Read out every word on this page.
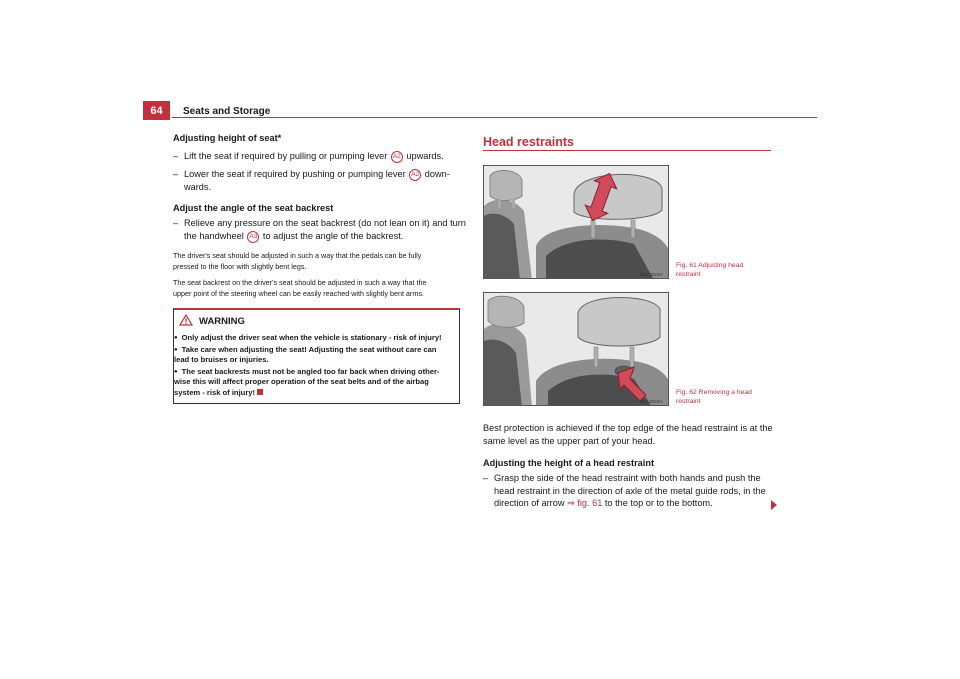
64	Seats and Storage
Adjusting height of seat*
– Lift the seat if required by pulling or pumping lever A2 upwards.
– Lower the seat if required by pushing or pumping lever A2 down-
wards.
Adjust the angle of the seat backrest
– Relieve any pressure on the seat backrest (do not lean on it) and turn
the handwheel A3 to adjust the angle of the backrest.
The driver's seat should be adjusted in such a way that the pedals can be fully
pressed to the floor with slightly bent legs.
The seat backrest on the driver's seat should be adjusted in such a way that the
upper point of the steering wheel can be easily reached with slightly bent arms.
WARNING
● Only adjust the driver seat when the vehicle is stationary - risk of injury!
● Take care when adjusting the seat! Adjusting the seat without care can
lead to bruises or injuries.
● The seat backrests must not be angled too far back when driving other-
wise this will affect proper operation of the seat belts and of the airbag
system - risk of injury!
Head restraints
B5J-2021H
Fig. 61 Adjusting head
restraint
B5J-2022H
Fig. 62 Removing a head
restraint
Best protection is achieved if the top edge of the head restraint is at the
same level as the upper part of your head.
Adjusting the height of a head restraint
– Grasp the side of the head restraint with both hands and push the
head restraint in the direction of axle of the metal guide rods, in the
direction of arrow ⇒ fig. 61 to the top or to the bottom.
